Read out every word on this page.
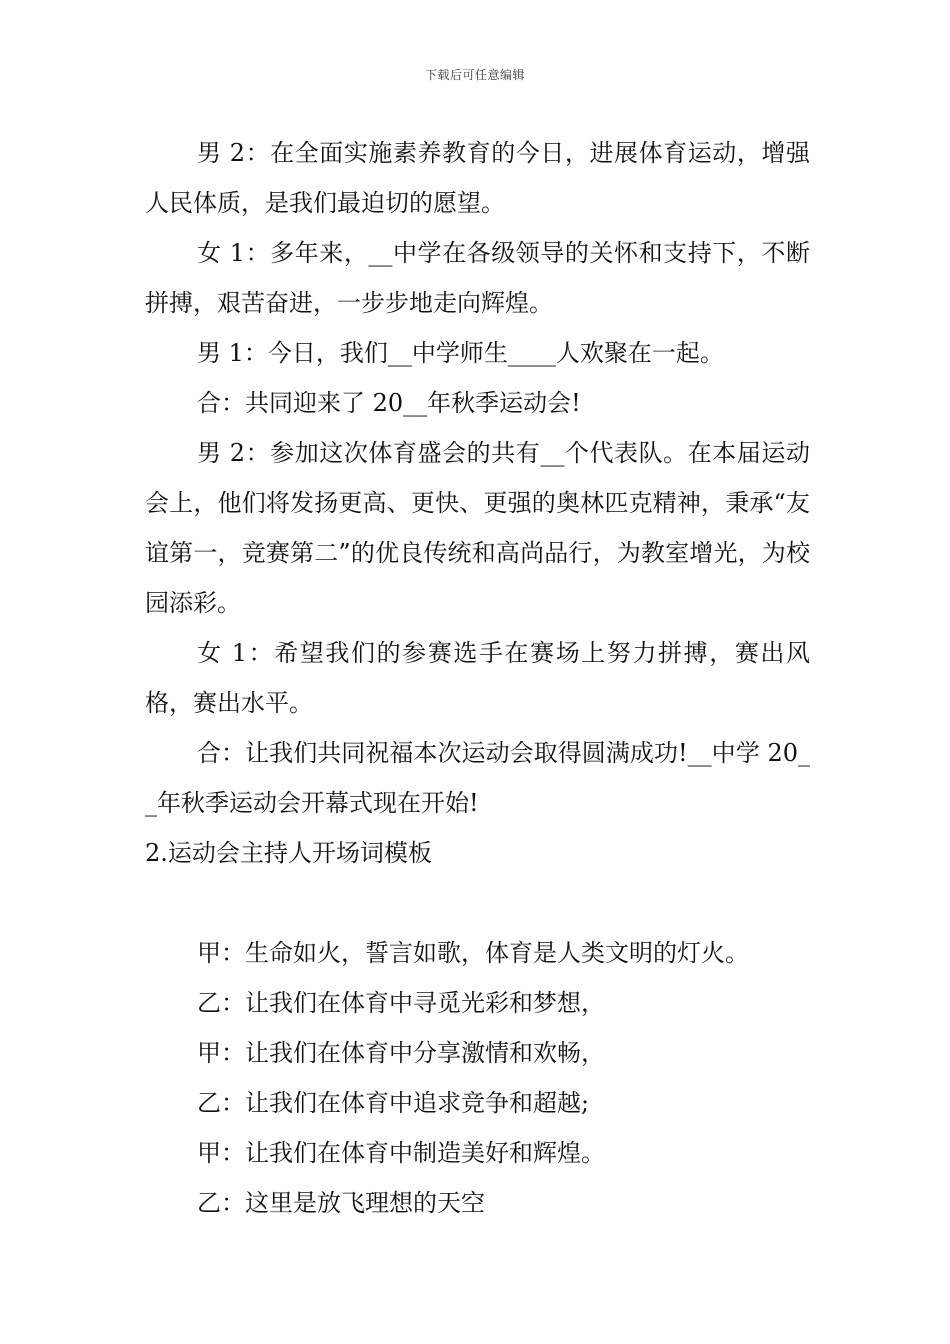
下载后可任意编辑

男 2：在全面实施素养教育的今日，进展体育运动，增强人民体质，是我们最迫切的愿望。

女 1：多年来，__中学在各级领导的关怀和支持下，不断拼搏，艰苦奋进，一步步地走向辉煌。

男 1：今日，我们__中学师生____人欢聚在一起。

合：共同迎来了 20__年秋季运动会!

男 2：参加这次体育盛会的共有__个代表队。在本届运动会上，他们将发扬更高、更快、更强的奥林匹克精神，秉承“友谊第一，竞赛第二”的优良传统和高尚品行，为教室增光，为校园添彩。

女 1：希望我们的参赛选手在赛场上努力拼搏，赛出风格，赛出水平。

合：让我们共同祝福本次运动会取得圆满成功!__中学 20__年秋季运动会开幕式现在开始!

2.运动会主持人开场词模板

甲：生命如火，誓言如歌，体育是人类文明的灯火。

乙：让我们在体育中寻觅光彩和梦想，

甲：让我们在体育中分享激情和欢畅，

乙：让我们在体育中追求竞争和超越;

甲：让我们在体育中制造美好和辉煌。

乙：这里是放飞理想的天空
